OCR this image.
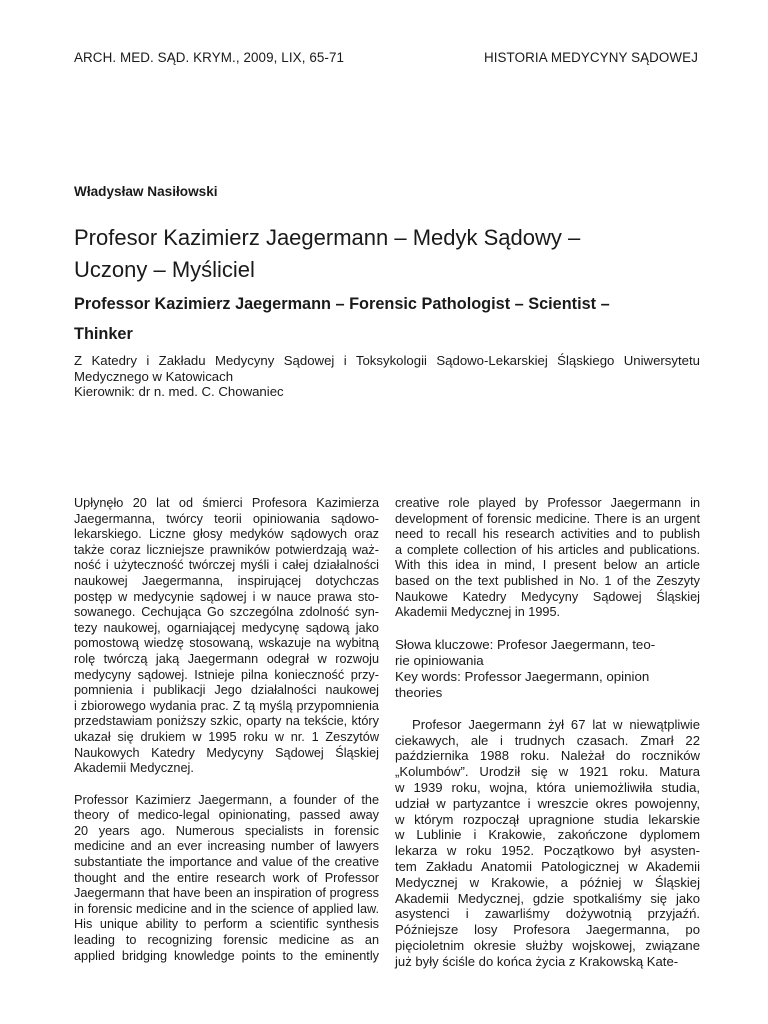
ARCH. MED. SĄD. KRYM., 2009, LIX, 65-71	HISTORIA MEDYCYNY SĄDOWEJ
Władysław Nasiłowski
Profesor Kazimierz Jaegermann – Medyk Sądowy –
Uczony – Myśliciel
Professor Kazimierz Jaegermann – Forensic Pathologist – Scientist –
Thinker
Z Katedry i Zakładu Medycyny Sądowej i Toksykologii Sądowo-Lekarskiej Śląskiego Uniwersytetu
Medycznego w Katowicach
Kierownik: dr n. med. C. Chowaniec
Upłynęło 20 lat od śmierci Profesora Kazimierza
Jaegermanna, twórcy teorii opiniowania sądowo-
lekarskiego. Liczne głosy medyków sądowych oraz
także coraz liczniejsze prawników potwierdzają waż-
ność i użyteczność twórczej myśli i całej działalności
naukowej Jaegermanna, inspirującej dotychczas
postęp w medycynie sądowej i w nauce prawa sto-
sowanego. Cechująca Go szczególna zdolność syn-
tezy naukowej, ogarniającej medycynę sądową jako
pomostową wiedzę stosowaną, wskazuje na wybitną
rolę twórczą jaką Jaegermann odegrał w rozwoju
medycyny sądowej. Istnieje pilna konieczność przy-
pomnienia i publikacji Jego działalności naukowej
i zbiorowego wydania prac. Z tą myślą przypomnienia
przedstawiam poniższy szkic, oparty na tekście, który
ukazał się drukiem w 1995 roku w nr. 1 Zeszytów
Naukowych Katedry Medycyny Sądowej Śląskiej
Akademii Medycznej.
Professor Kazimierz Jaegermann, a founder of the
theory of medico-legal opinionating, passed away
20 years ago. Numerous specialists in forensic
medicine and an ever increasing number of lawyers
substantiate the importance and value of the creative
thought and the entire research work of Professor
Jaegermann that have been an inspiration of progress
in forensic medicine and in the science of applied law.
His unique ability to perform a scientific synthesis
leading to recognizing forensic medicine as an
applied bridging knowledge points to the eminently
creative role played by Professor Jaegermann in
development of forensic medicine. There is an urgent
need to recall his research activities and to publish
a complete collection of his articles and publications.
With this idea in mind, I present below an article
based on the text published in No. 1 of the Zeszyty
Naukowe Katedry Medycyny Sądowej Śląskiej
Akademii Medycznej in 1995.
Słowa kluczowe: Profesor Jaegermann, teo-
rie opiniowania
Key words: Professor Jaegermann, opinion
theories
Profesor Jaegermann żył 67 lat w niewątpliwie
ciekawych, ale i trudnych czasach. Zmarł 22
października 1988 roku. Należał do roczników
„Kolumbów”. Urodził się w 1921 roku. Matura
w 1939 roku, wojna, która uniemożliwiła studia,
udział w partyzantce i wreszcie okres powojenny,
w którym rozpoczął upragnione studia lekarskie
w Lublinie i Krakowie, zakończone dyplomem
lekarza w roku 1952. Początkowo był asysten-
tem Zakładu Anatomii Patologicznej w Akademii
Medycznej w Krakowie, a później w Śląskiej
Akademii Medycznej, gdzie spotkaliśmy się jako
asystenci i zawarliśmy dożywotnią przyjaźń.
Późniejsze losy Profesora Jaegermanna, po
pięcioletnim okresie służby wojskowej, związane
już były ściśle do końca życia z Krakowską Kate-
